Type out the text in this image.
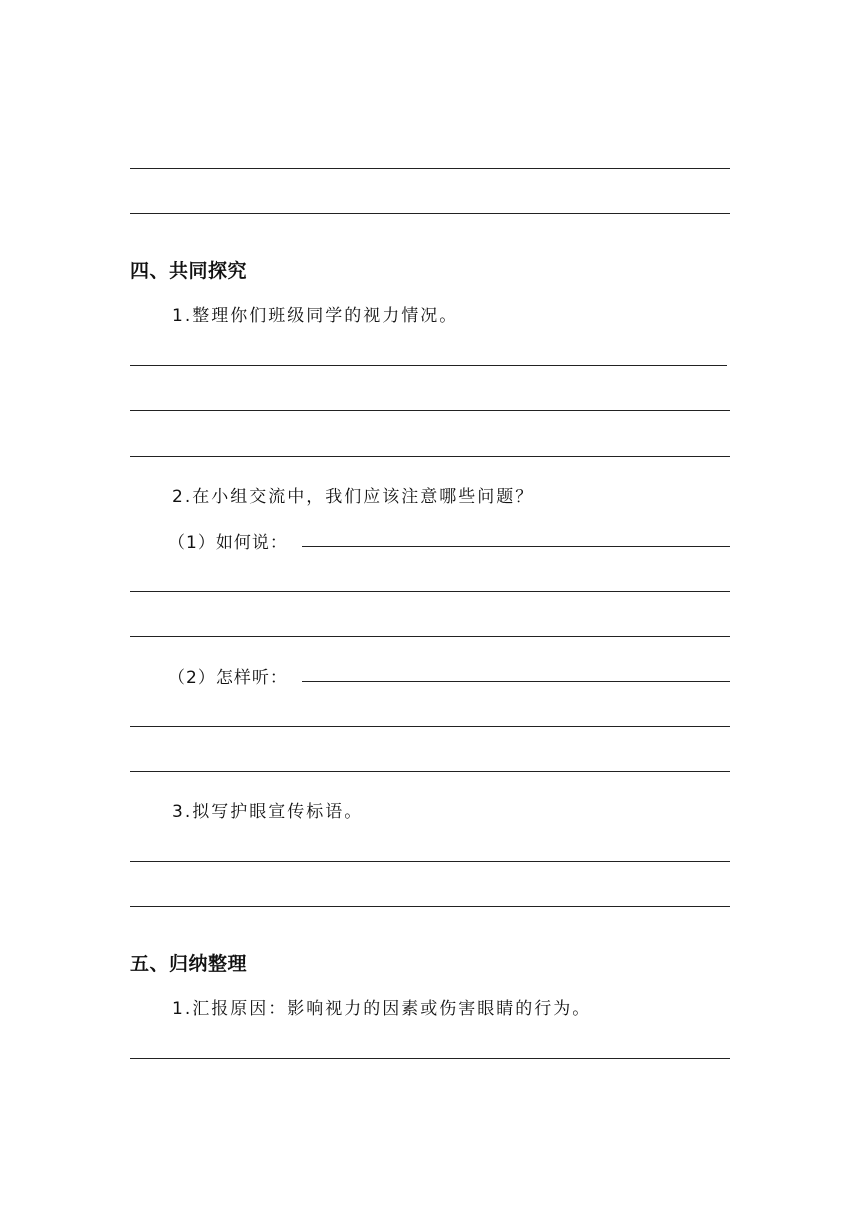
四、共同探究
1.整理你们班级同学的视力情况。
2.在小组交流中，我们应该注意哪些问题？
（1）如何说：
（2）怎样听：
3.拟写护眼宣传标语。
五、归纳整理
1.汇报原因：影响视力的因素或伤害眼睛的行为。
